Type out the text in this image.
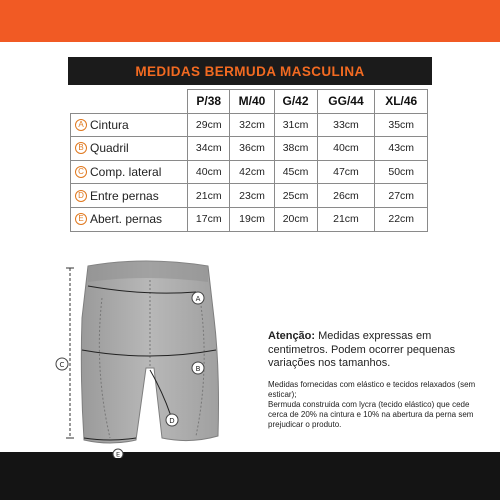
MEDIDAS BERMUDA MASCULINA
	P/38	M/40	G/42	GG/44	XL/46
A Cintura	29cm	32cm	31cm	33cm	35cm
B Quadril	34cm	36cm	38cm	40cm	43cm
C Comp. lateral	40cm	42cm	45cm	47cm	50cm
D Entre pernas	21cm	23cm	25cm	26cm	27cm
E Abert. pernas	17cm	19cm	20cm	21cm	22cm
A
B
C
D
E
Atenção: Medidas expressas em centimetros. Podem ocorrer pequenas variações nos tamanhos.
Medidas fornecidas com elástico e tecidos relaxados (sem esticar);
Bermuda construida com lycra (tecido elástico) que cede cerca de 20% na cintura e 10% na abertura da perna sem prejudicar o produto.
